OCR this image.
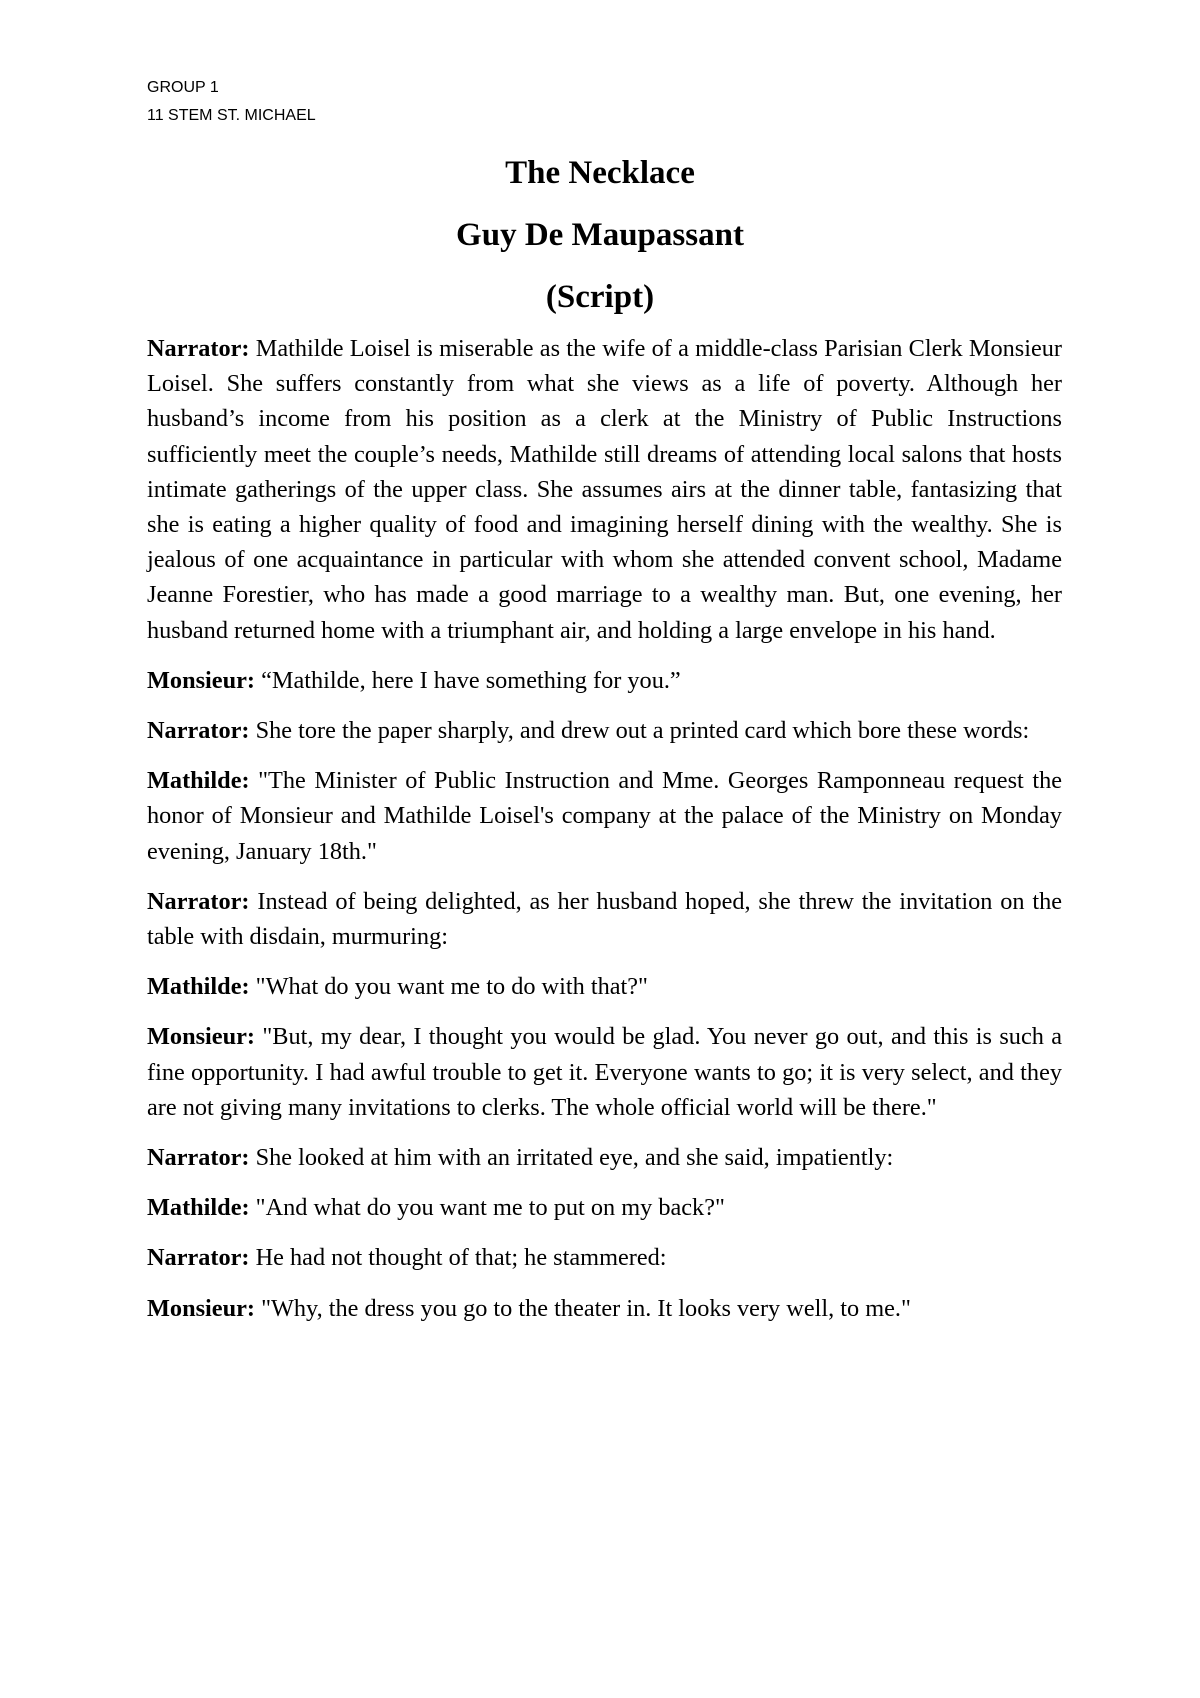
GROUP 1
11 STEM ST. MICHAEL
The Necklace
Guy De Maupassant
(Script)

Narrator: Mathilde Loisel is miserable as the wife of a middle-class Parisian Clerk Monsieur Loisel. She suffers constantly from what she views as a life of poverty. Although her husband’s income from his position as a clerk at the Ministry of Public Instructions sufficiently meet the couple’s needs, Mathilde still dreams of attending local salons that hosts intimate gatherings of the upper class. She assumes airs at the dinner table, fantasizing that she is eating a higher quality of food and imagining herself dining with the wealthy. She is jealous of one acquaintance in particular with whom she attended convent school, Madame Jeanne Forestier, who has made a good marriage to a wealthy man. But, one evening, her husband returned home with a triumphant air, and holding a large envelope in his hand.

Monsieur: “Mathilde, here I have something for you.”

Narrator: She tore the paper sharply, and drew out a printed card which bore these words:

Mathilde: "The Minister of Public Instruction and Mme. Georges Ramponneau request the honor of Monsieur and Mathilde Loisel's company at the palace of the Ministry on Monday evening, January 18th."

Narrator: Instead of being delighted, as her husband hoped, she threw the invitation on the table with disdain, murmuring:

Mathilde: "What do you want me to do with that?"

Monsieur: "But, my dear, I thought you would be glad. You never go out, and this is such a fine opportunity. I had awful trouble to get it. Everyone wants to go; it is very select, and they are not giving many invitations to clerks. The whole official world will be there."

Narrator: She looked at him with an irritated eye, and she said, impatiently:

Mathilde: "And what do you want me to put on my back?"

Narrator: He had not thought of that; he stammered:

Monsieur: "Why, the dress you go to the theater in. It looks very well, to me."
